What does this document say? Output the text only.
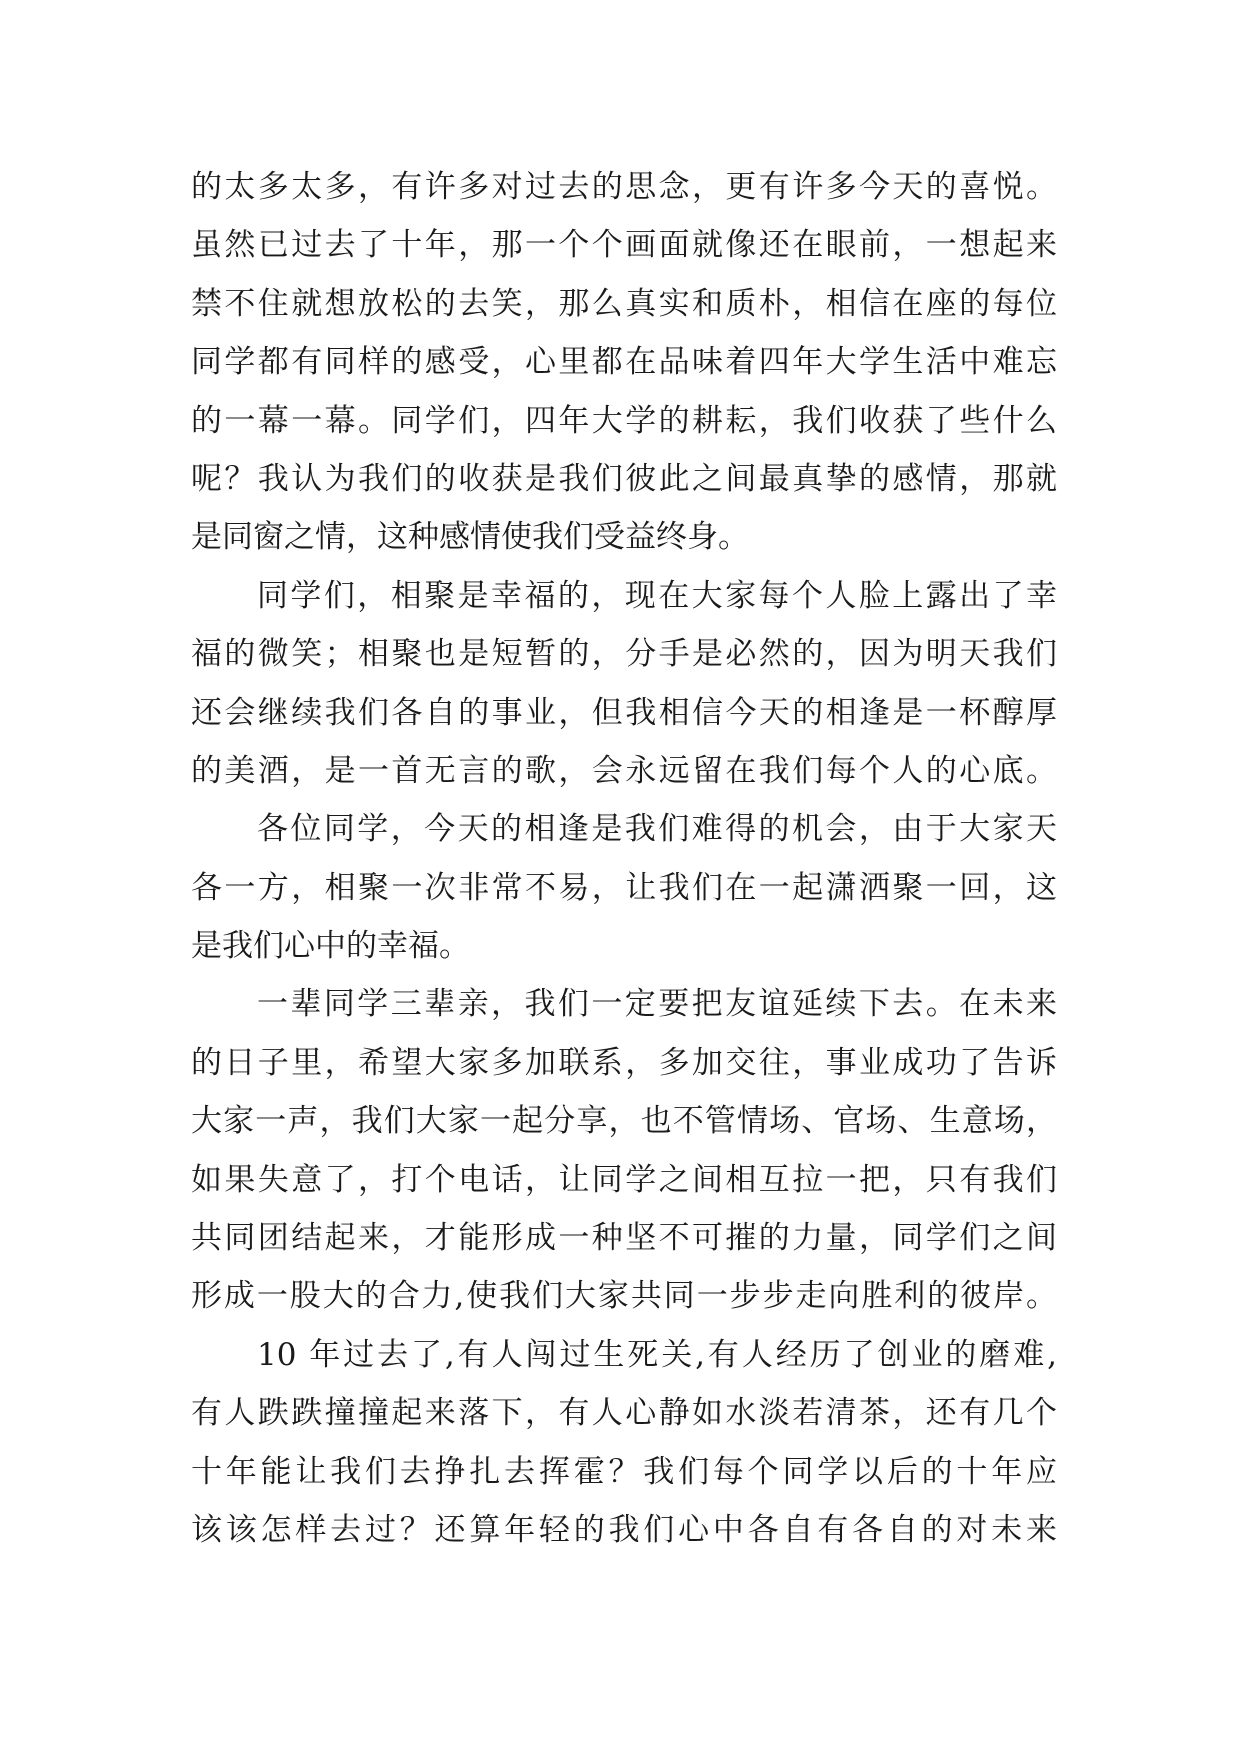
的太多太多，有许多对过去的思念，更有许多今天的喜悦。
虽然已过去了十年，那一个个画面就像还在眼前，一想起来
禁不住就想放松的去笑，那么真实和质朴，相信在座的每位
同学都有同样的感受，心里都在品味着四年大学生活中难忘
的一幕一幕。同学们，四年大学的耕耘，我们收获了些什么
呢？我认为我们的收获是我们彼此之间最真挚的感情，那就
是同窗之情，这种感情使我们受益终身。
同学们，相聚是幸福的，现在大家每个人脸上露出了幸
福的微笑；相聚也是短暂的，分手是必然的，因为明天我们
还会继续我们各自的事业，但我相信今天的相逢是一杯醇厚
的美酒，是一首无言的歌，会永远留在我们每个人的心底。
各位同学，今天的相逢是我们难得的机会，由于大家天
各一方，相聚一次非常不易，让我们在一起潇洒聚一回，这
是我们心中的幸福。
一辈同学三辈亲，我们一定要把友谊延续下去。在未来
的日子里，希望大家多加联系，多加交往，事业成功了告诉
大家一声，我们大家一起分享，也不管情场、官场、生意场，
如果失意了，打个电话，让同学之间相互拉一把，只有我们
共同团结起来，才能形成一种坚不可摧的力量，同学们之间
形成一股大的合力,使我们大家共同一步步走向胜利的彼岸。
10 年过去了,有人闯过生死关,有人经历了创业的磨难,
有人跌跌撞撞起来落下，有人心静如水淡若清茶，还有几个
十年能让我们去挣扎去挥霍？我们每个同学以后的十年应
该该怎样去过？还算年轻的我们心中各自有各自的对未来
